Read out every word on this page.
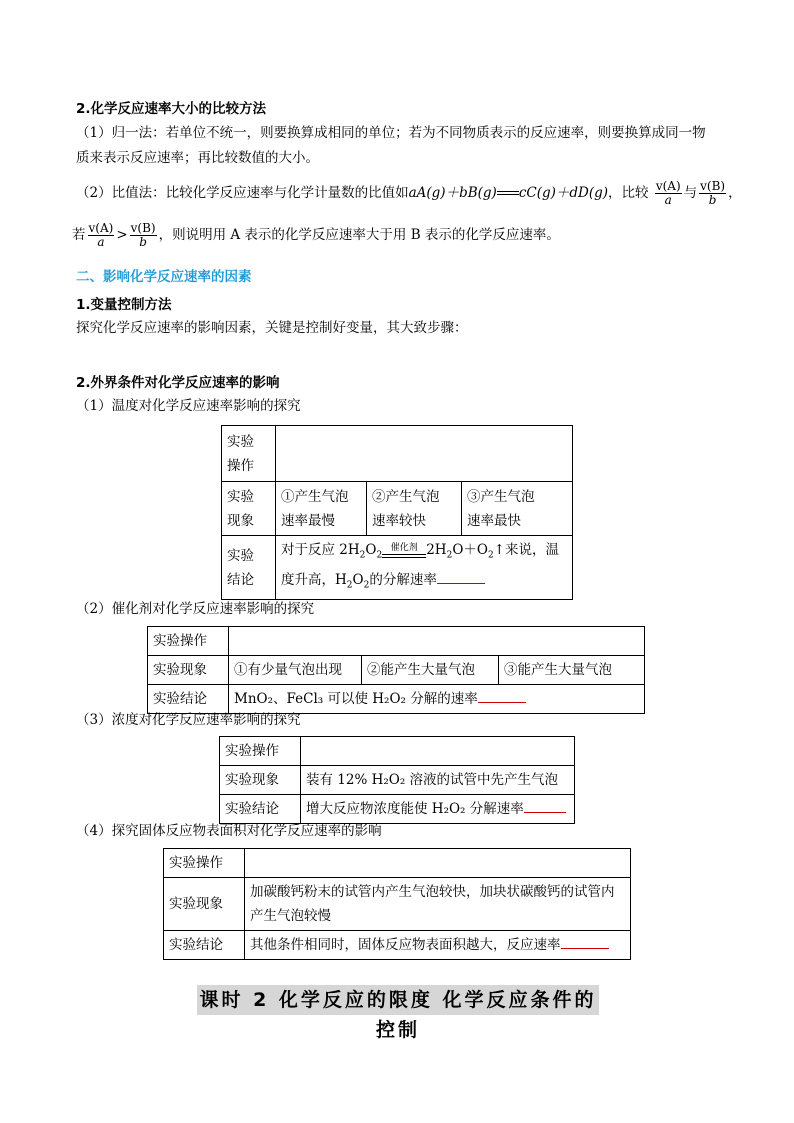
2.化学反应速率大小的比较方法
（1）归一法：若单位不统一，则要换算成相同的单位；若为不同物质表示的反应速率，则要换算成同一物
质来表示反应速率；再比较数值的大小。
（2）比值法：比较化学反应速率与化学计量数的比值如aA(g)＋bB(g) cC(g)＋dD(g)，比较 $\frac{v(A)}{a}$ 与 $\frac{v(B)}{b}$ ，
若 $\frac{v(A)}{a} > \frac{v(B)}{b}$ ，则说明用 A 表示的化学反应速率大于用 B 表示的化学反应速率。
二、影响化学反应速率的因素
1.变量控制方法
探究化学反应速率的影响因素，关键是控制好变量，其大致步骤：
2.外界条件对化学反应速率的影响
（1）温度对化学反应速率影响的探究
实验操作			

实验现象	①产生气泡速率最慢	②产生气泡速率较快	③产生气泡速率最快

实验结论	对于反应 $2H_2O_2$
催化剂 $2H_2O+O_2↑$来说，温度升高，$H_2O_2$的分解速率		
（2）催化剂对化学反应速率影响的探究
实验操作			
实验现象	①有少量气泡出现	②能产生大量气泡	③能产生大量气泡
实验结论	MnO₂、FeCl₃ 可以使 H₂O₂ 分解的速率		
（3）浓度对化学反应速率影响的探究
实验操作	
实验现象	装有 12% H₂O₂ 溶液的试管中先产生气泡
实验结论	增大反应物浓度能使 H₂O₂ 分解速率
（4）探究固体反应物表面积对化学反应速率的影响
实验操作	
实验现象	加碳酸钙粉末的试管内产生气泡较快，加块状碳酸钙的试管内产生气泡较慢

实验结论	其他条件相同时，固体反应物表面积越大，反应速率
课时 2 化学反应的限度 化学反应条件的控制
